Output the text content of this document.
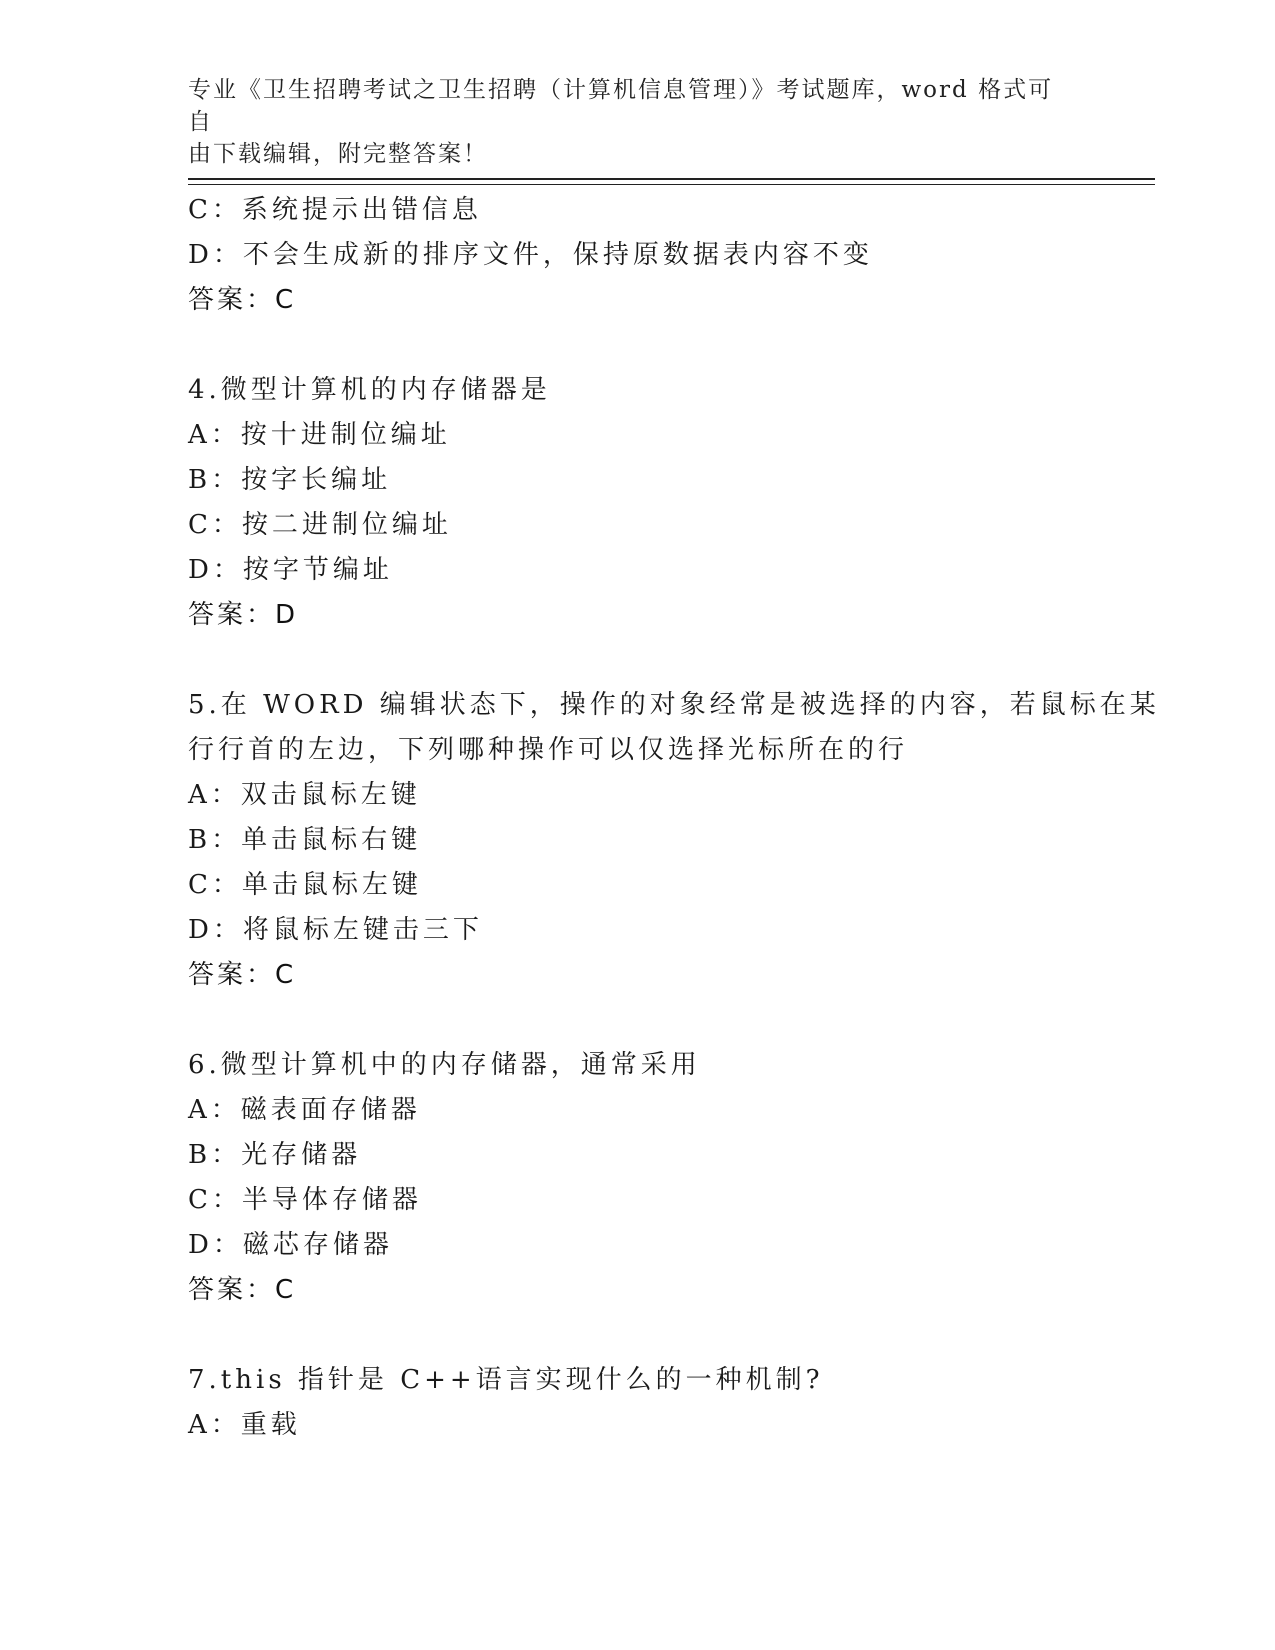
专业《卫生招聘考试之卫生招聘（计算机信息管理）》考试题库，word 格式可自
由下载编辑，附完整答案！
C：系统提示出错信息
D：不会生成新的排序文件，保持原数据表内容不变
答案：C
4.微型计算机的内存储器是
A：按十进制位编址
B：按字长编址
C：按二进制位编址
D：按字节编址
答案：D
5.在 WORD 编辑状态下，操作的对象经常是被选择的内容，若鼠标在某
行行首的左边，下列哪种操作可以仅选择光标所在的行
A：双击鼠标左键
B：单击鼠标右键
C：单击鼠标左键
D：将鼠标左键击三下
答案：C
6.微型计算机中的内存储器，通常采用
A：磁表面存储器
B：光存储器
C：半导体存储器
D：磁芯存储器
答案：C
7.this 指针是 C++语言实现什么的一种机制?
A：重载
